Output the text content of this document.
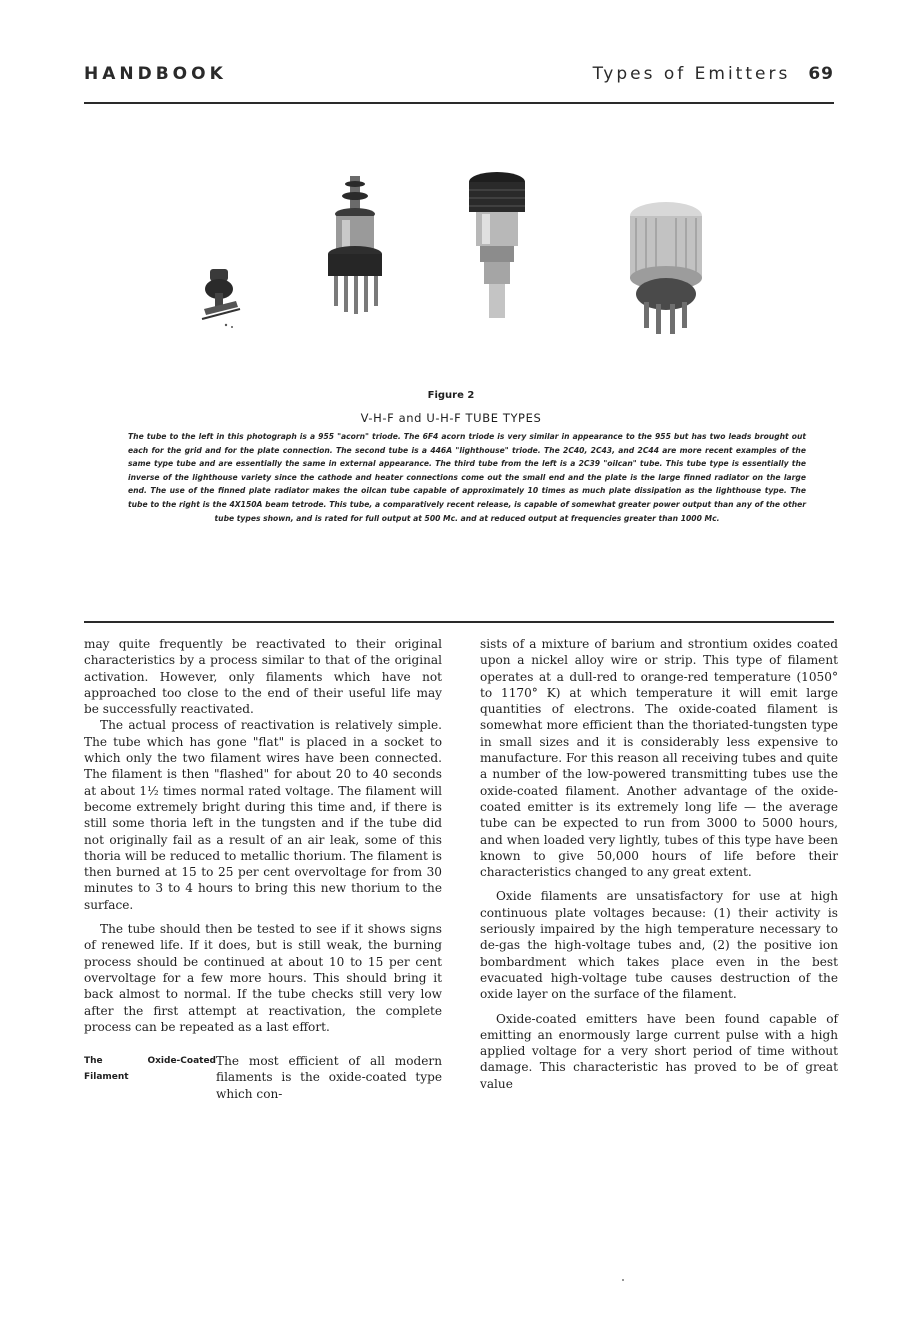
HANDBOOK	Types of Emitters 69
Figure 2
V-H-F and U-H-F TUBE TYPES
The tube to the left in this photograph is a 955 "acorn" triode. The 6F4 acorn triode is very similar in appearance to the 955 but has two leads brought out each for the grid and for the plate connection. The second tube is a 446A "lighthouse" triode. The 2C40, 2C43, and 2C44 are more recent examples of the same type tube and are essentially the same in external appearance. The third tube from the left is a 2C39 "oilcan" tube. This tube type is essentially the inverse of the lighthouse variety since the cathode and heater connections come out the small end and the plate is the large finned radiator on the large end. The use of the finned plate radiator makes the oilcan tube capable of approximately 10 times as much plate dissipation as the lighthouse type. The tube to the right is the 4X150A beam tetrode. This tube, a comparatively recent release, is capable of somewhat greater power output than any of the other tube types shown, and is rated for full output at 500 Mc. and at reduced output at frequencies greater than 1000 Mc.

may quite frequently be reactivated to their original characteristics by a process similar to that of the original activation. However, only filaments which have not approached too close to the end of their useful life may be successfully reactivated.

The actual process of reactivation is relatively simple. The tube which has gone "flat" is placed in a socket to which only the two filament wires have been connected. The filament is then "flashed" for about 20 to 40 seconds at about 1½ times normal rated voltage. The filament will become extremely bright during this time and, if there is still some thoria left in the tungsten and if the tube did not originally fail as a result of an air leak, some of this thoria will be reduced to metallic thorium. The filament is then burned at 15 to 25 per cent overvoltage for from 30 minutes to 3 to 4 hours to bring this new thorium to the surface.

The tube should then be tested to see if it shows signs of renewed life. If it does, but is still weak, the burning process should be continued at about 10 to 15 per cent overvoltage for a few more hours. This should bring it back almost to normal. If the tube checks still very low after the first attempt at reactivation, the complete process can be repeated as a last effort.

The Oxide-Coated Filament
The most efficient of all modern filaments is the oxide-coated type which con-

sists of a mixture of barium and strontium oxides coated upon a nickel alloy wire or strip. This type of filament operates at a dull-red to orange-red temperature (1050° to 1170° K) at which temperature it will emit large quantities of electrons. The oxide-coated filament is somewhat more efficient than the thoriated-tungsten type in small sizes and it is considerably less expensive to manufacture. For this reason all receiving tubes and quite a number of the low-powered transmitting tubes use the oxide-coated filament. Another advantage of the oxide-coated emitter is its extremely long life — the average tube can be expected to run from 3000 to 5000 hours, and when loaded very lightly, tubes of this type have been known to give 50,000 hours of life before their characteristics changed to any great extent.

Oxide filaments are unsatisfactory for use at high continuous plate voltages because: (1) their activity is seriously impaired by the high temperature necessary to de-gas the high-voltage tubes and, (2) the positive ion bombardment which takes place even in the best evacuated high-voltage tube causes destruction of the oxide layer on the surface of the filament.

Oxide-coated emitters have been found capable of emitting an enormously large current pulse with a high applied voltage for a very short period of time without damage. This characteristic has proved to be of great value
